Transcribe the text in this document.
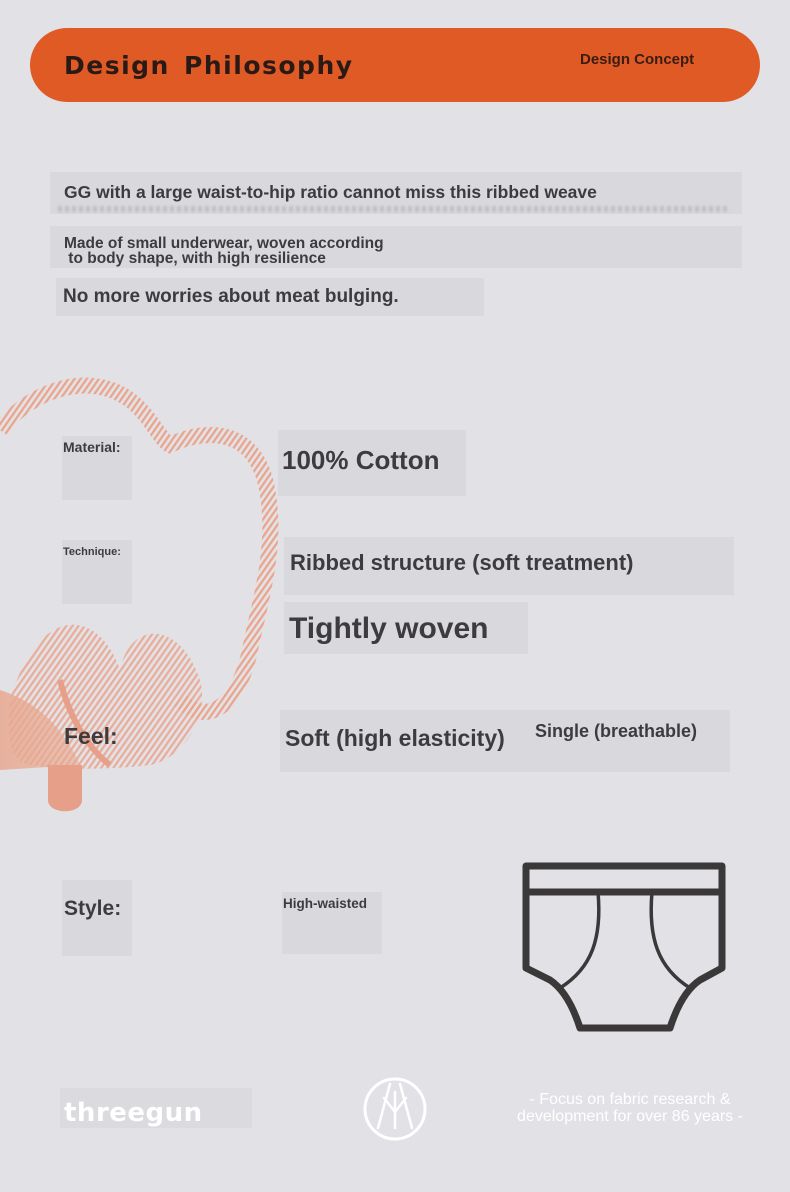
Design Philosophy	Design Concept
GG with a large waist-to-hip ratio cannot miss this ribbed weave
Made of small underwear, woven according
to body shape, with high resilience
No more worries about meat bulging.
Material:	100% Cotton
Technique:	Ribbed structure (soft treatment)
Tightly woven
Feel:	Soft (high elasticity) Single (breathable)
Style:	High-waisted
threegun	- Focus on fabric research &
development for over 86 years -
